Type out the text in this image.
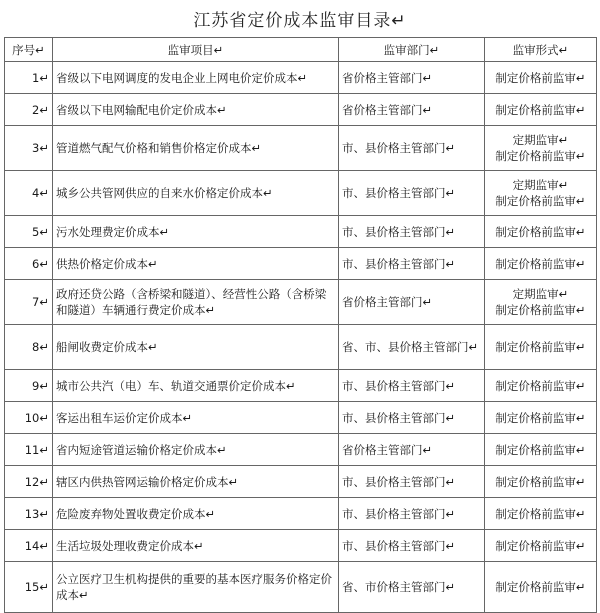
江苏省定价成本监审目录↵
序号↵	监审项目↵	监审部门↵	监审形式↵
1↵	省级以下电网调度的发电企业上网电价定价成本↵	省价格主管部门↵	制定价格前监审↵

2↵	省级以下电网输配电价定价成本↵	省价格主管部门↵	制定价格前监审↵

3↵	管道燃气配气价格和销售价格定价成本↵	市、县价格主管部门↵	定期监审↵
制定价格前监审↵

4↵	城乡公共管网供应的自来水价格定价成本↵	市、县价格主管部门↵	定期监审↵
制定价格前监审↵

5↵	污水处理费定价成本↵	市、县价格主管部门↵	制定价格前监审↵

6↵	供热价格定价成本↵	市、县价格主管部门↵	制定价格前监审↵

7↵	政府还贷公路（含桥梁和隧道）、经营性公路（含桥梁和隧道）车辆通行费定价成本↵	省价格主管部门↵	定期监审↵
制定价格前监审↵

8↵	船闸收费定价成本↵	省、市、县价格主管部门↵	制定价格前监审↵

9↵	城市公共汽（电）车、轨道交通票价定价成本↵	市、县价格主管部门↵	制定价格前监审↵

10↵	客运出租车运价定价成本↵	市、县价格主管部门↵	制定价格前监审↵

11↵	省内短途管道运输价格定价成本↵	省价格主管部门↵	制定价格前监审↵

12↵	辖区内供热管网运输价格定价成本↵	市、县价格主管部门↵	制定价格前监审↵

13↵	危险废弃物处置收费定价成本↵	市、县价格主管部门↵	制定价格前监审↵

14↵	生活垃圾处理收费定价成本↵	市、县价格主管部门↵	制定价格前监审↵

15↵	公立医疗卫生机构提供的重要的基本医疗服务价格定价成本↵	省、市价格主管部门↵	制定价格前监审↵
